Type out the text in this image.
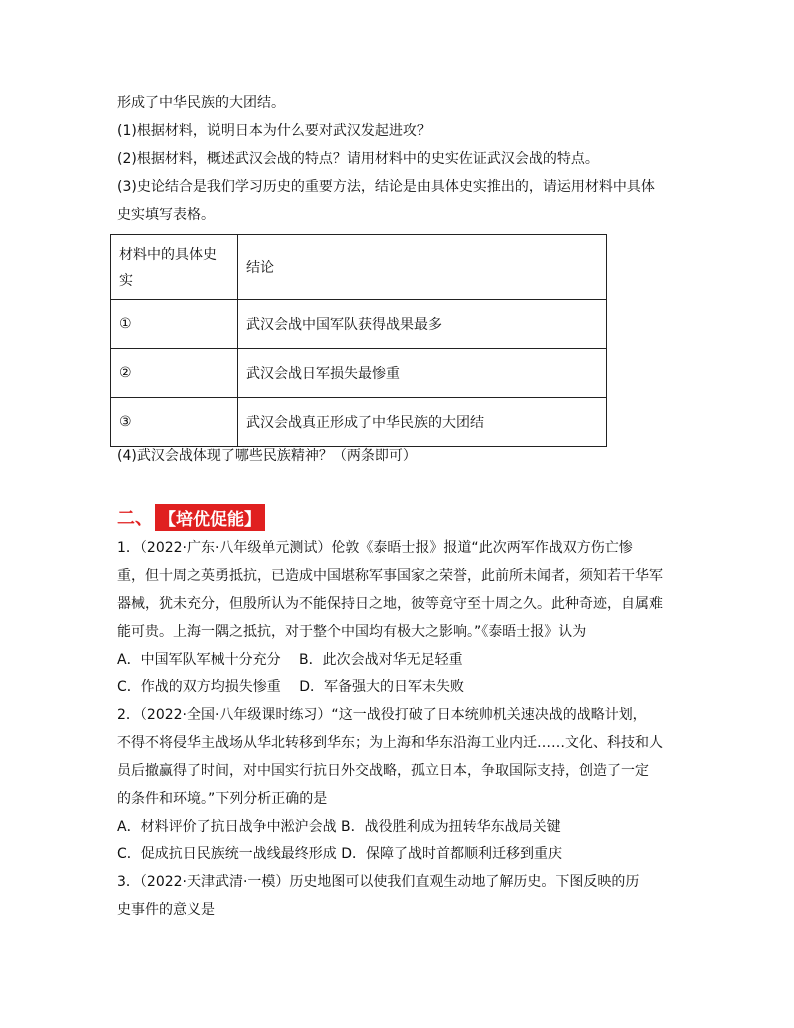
形成了中华民族的大团结。
(1)根据材料，说明日本为什么要对武汉发起进攻？
(2)根据材料，概述武汉会战的特点？请用材料中的史实佐证武汉会战的特点。
(3)史论结合是我们学习历史的重要方法，结论是由具体史实推出的，请运用材料中具体
史实填写表格。
材料中的具体史
实	结论
①	武汉会战中国军队获得战果最多
②	武汉会战日军损失最惨重
③	武汉会战真正形成了中华民族的大团结
(4)武汉会战体现了哪些民族精神？（两条即可）
二、 【培优促能】
1．（2022·广东·八年级单元测试）伦敦《泰晤士报》报道“此次两军作战双方伤亡惨
重，但十周之英勇抵抗，已造成中国堪称军事国家之荣誉，此前所未闻者，须知若干华军
器械，犹未充分，但殷所认为不能保持日之地，彼等竟守至十周之久。此种奇迹，自属难
能可贵。上海一隅之抵抗，对于整个中国均有极大之影响。”《泰晤士报》认为
A．中国军队军械十分充分　 B．此次会战对华无足轻重
C．作战的双方均损失惨重　 D．军备强大的日军未失败
2．（2022·全国·八年级课时练习）“这一战役打破了日本统帅机关速决战的战略计划，
不得不将侵华主战场从华北转移到华东；为上海和华东沿海工业内迁……文化、科技和人
员后撤赢得了时间，对中国实行抗日外交战略，孤立日本，争取国际支持，创造了一定
的条件和环境。”下列分析正确的是
A．材料评价了抗日战争中淞沪会战 B．战役胜利成为扭转华东战局关键
C．促成抗日民族统一战线最终形成 D．保障了战时首都顺利迁移到重庆
3．（2022·天津武清·一模）历史地图可以使我们直观生动地了解历史。下图反映的历
史事件的意义是
